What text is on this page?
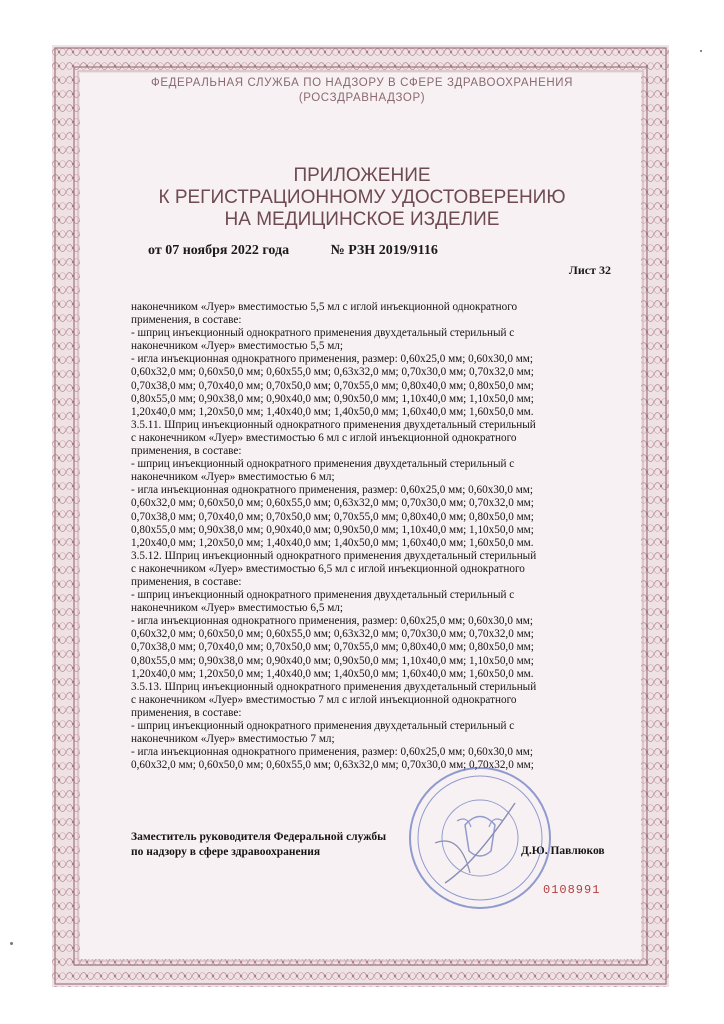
ФЕДЕРАЛЬНАЯ СЛУЖБА ПО НАДЗОРУ В СФЕРЕ ЗДРАВООХРАНЕНИЯ
(РОСЗДРАВНАДЗОР)
ПРИЛОЖЕНИЕ
К РЕГИСТРАЦИОННОМУ УДОСТОВЕРЕНИЮ
НА МЕДИЦИНСКОЕ ИЗДЕЛИЕ
от 07 ноября 2022 года	№ РЗН 2019/9116
Лист 32
наконечником «Луер» вместимостью 5,5 мл с иглой инъекционной однократного
применения, в составе:
- шприц инъекционный однократного применения двухдетальный стерильный с
наконечником «Луер» вместимостью 5,5 мл;
- игла инъекционная однократного применения, размер: 0,60x25,0 мм; 0,60x30,0 мм;
0,60x32,0 мм; 0,60x50,0 мм; 0,60x55,0 мм; 0,63x32,0 мм; 0,70x30,0 мм; 0,70x32,0 мм;
0,70x38,0 мм; 0,70x40,0 мм; 0,70x50,0 мм; 0,70x55,0 мм; 0,80x40,0 мм; 0,80x50,0 мм;
0,80x55,0 мм; 0,90x38,0 мм; 0,90x40,0 мм; 0,90x50,0 мм; 1,10x40,0 мм; 1,10x50,0 мм;
1,20x40,0 мм; 1,20x50,0 мм; 1,40x40,0 мм; 1,40x50,0 мм; 1,60x40,0 мм; 1,60x50,0 мм.
3.5.11. Шприц инъекционный однократного применения двухдетальный стерильный
с наконечником «Луер» вместимостью 6 мл с иглой инъекционной однократного
применения, в составе:
- шприц инъекционный однократного применения двухдетальный стерильный с
наконечником «Луер» вместимостью 6 мл;
- игла инъекционная однократного применения, размер: 0,60x25,0 мм; 0,60x30,0 мм;
0,60x32,0 мм; 0,60x50,0 мм; 0,60x55,0 мм; 0,63x32,0 мм; 0,70x30,0 мм; 0,70x32,0 мм;
0,70x38,0 мм; 0,70x40,0 мм; 0,70x50,0 мм; 0,70x55,0 мм; 0,80x40,0 мм; 0,80x50,0 мм;
0,80x55,0 мм; 0,90x38,0 мм; 0,90x40,0 мм; 0,90x50,0 мм; 1,10x40,0 мм; 1,10x50,0 мм;
1,20x40,0 мм; 1,20x50,0 мм; 1,40x40,0 мм; 1,40x50,0 мм; 1,60x40,0 мм; 1,60x50,0 мм.
3.5.12. Шприц инъекционный однократного применения двухдетальный стерильный
с наконечником «Луер» вместимостью 6,5 мл с иглой инъекционной однократного
применения, в составе:
- шприц инъекционный однократного применения двухдетальный стерильный с
наконечником «Луер» вместимостью 6,5 мл;
- игла инъекционная однократного применения, размер: 0,60x25,0 мм; 0,60x30,0 мм;
0,60x32,0 мм; 0,60x50,0 мм; 0,60x55,0 мм; 0,63x32,0 мм; 0,70x30,0 мм; 0,70x32,0 мм;
0,70x38,0 мм; 0,70x40,0 мм; 0,70x50,0 мм; 0,70x55,0 мм; 0,80x40,0 мм; 0,80x50,0 мм;
0,80x55,0 мм; 0,90x38,0 мм; 0,90x40,0 мм; 0,90x50,0 мм; 1,10x40,0 мм; 1,10x50,0 мм;
1,20x40,0 мм; 1,20x50,0 мм; 1,40x40,0 мм; 1,40x50,0 мм; 1,60x40,0 мм; 1,60x50,0 мм.
3.5.13. Шприц инъекционный однократного применения двухдетальный стерильный
с наконечником «Луер» вместимостью 7 мл с иглой инъекционной однократного
применения, в составе:
- шприц инъекционный однократного применения двухдетальный стерильный с
наконечником «Луер» вместимостью 7 мл;
- игла инъекционная однократного применения, размер: 0,60x25,0 мм; 0,60x30,0 мм;
0,60x32,0 мм; 0,60x50,0 мм; 0,60x55,0 мм; 0,63x32,0 мм; 0,70x30,0 мм; 0,70x32,0 мм;
Заместитель руководителя Федеральной службы
по надзору в сфере здравоохранения	Д.Ю. Павлюков
0108991
